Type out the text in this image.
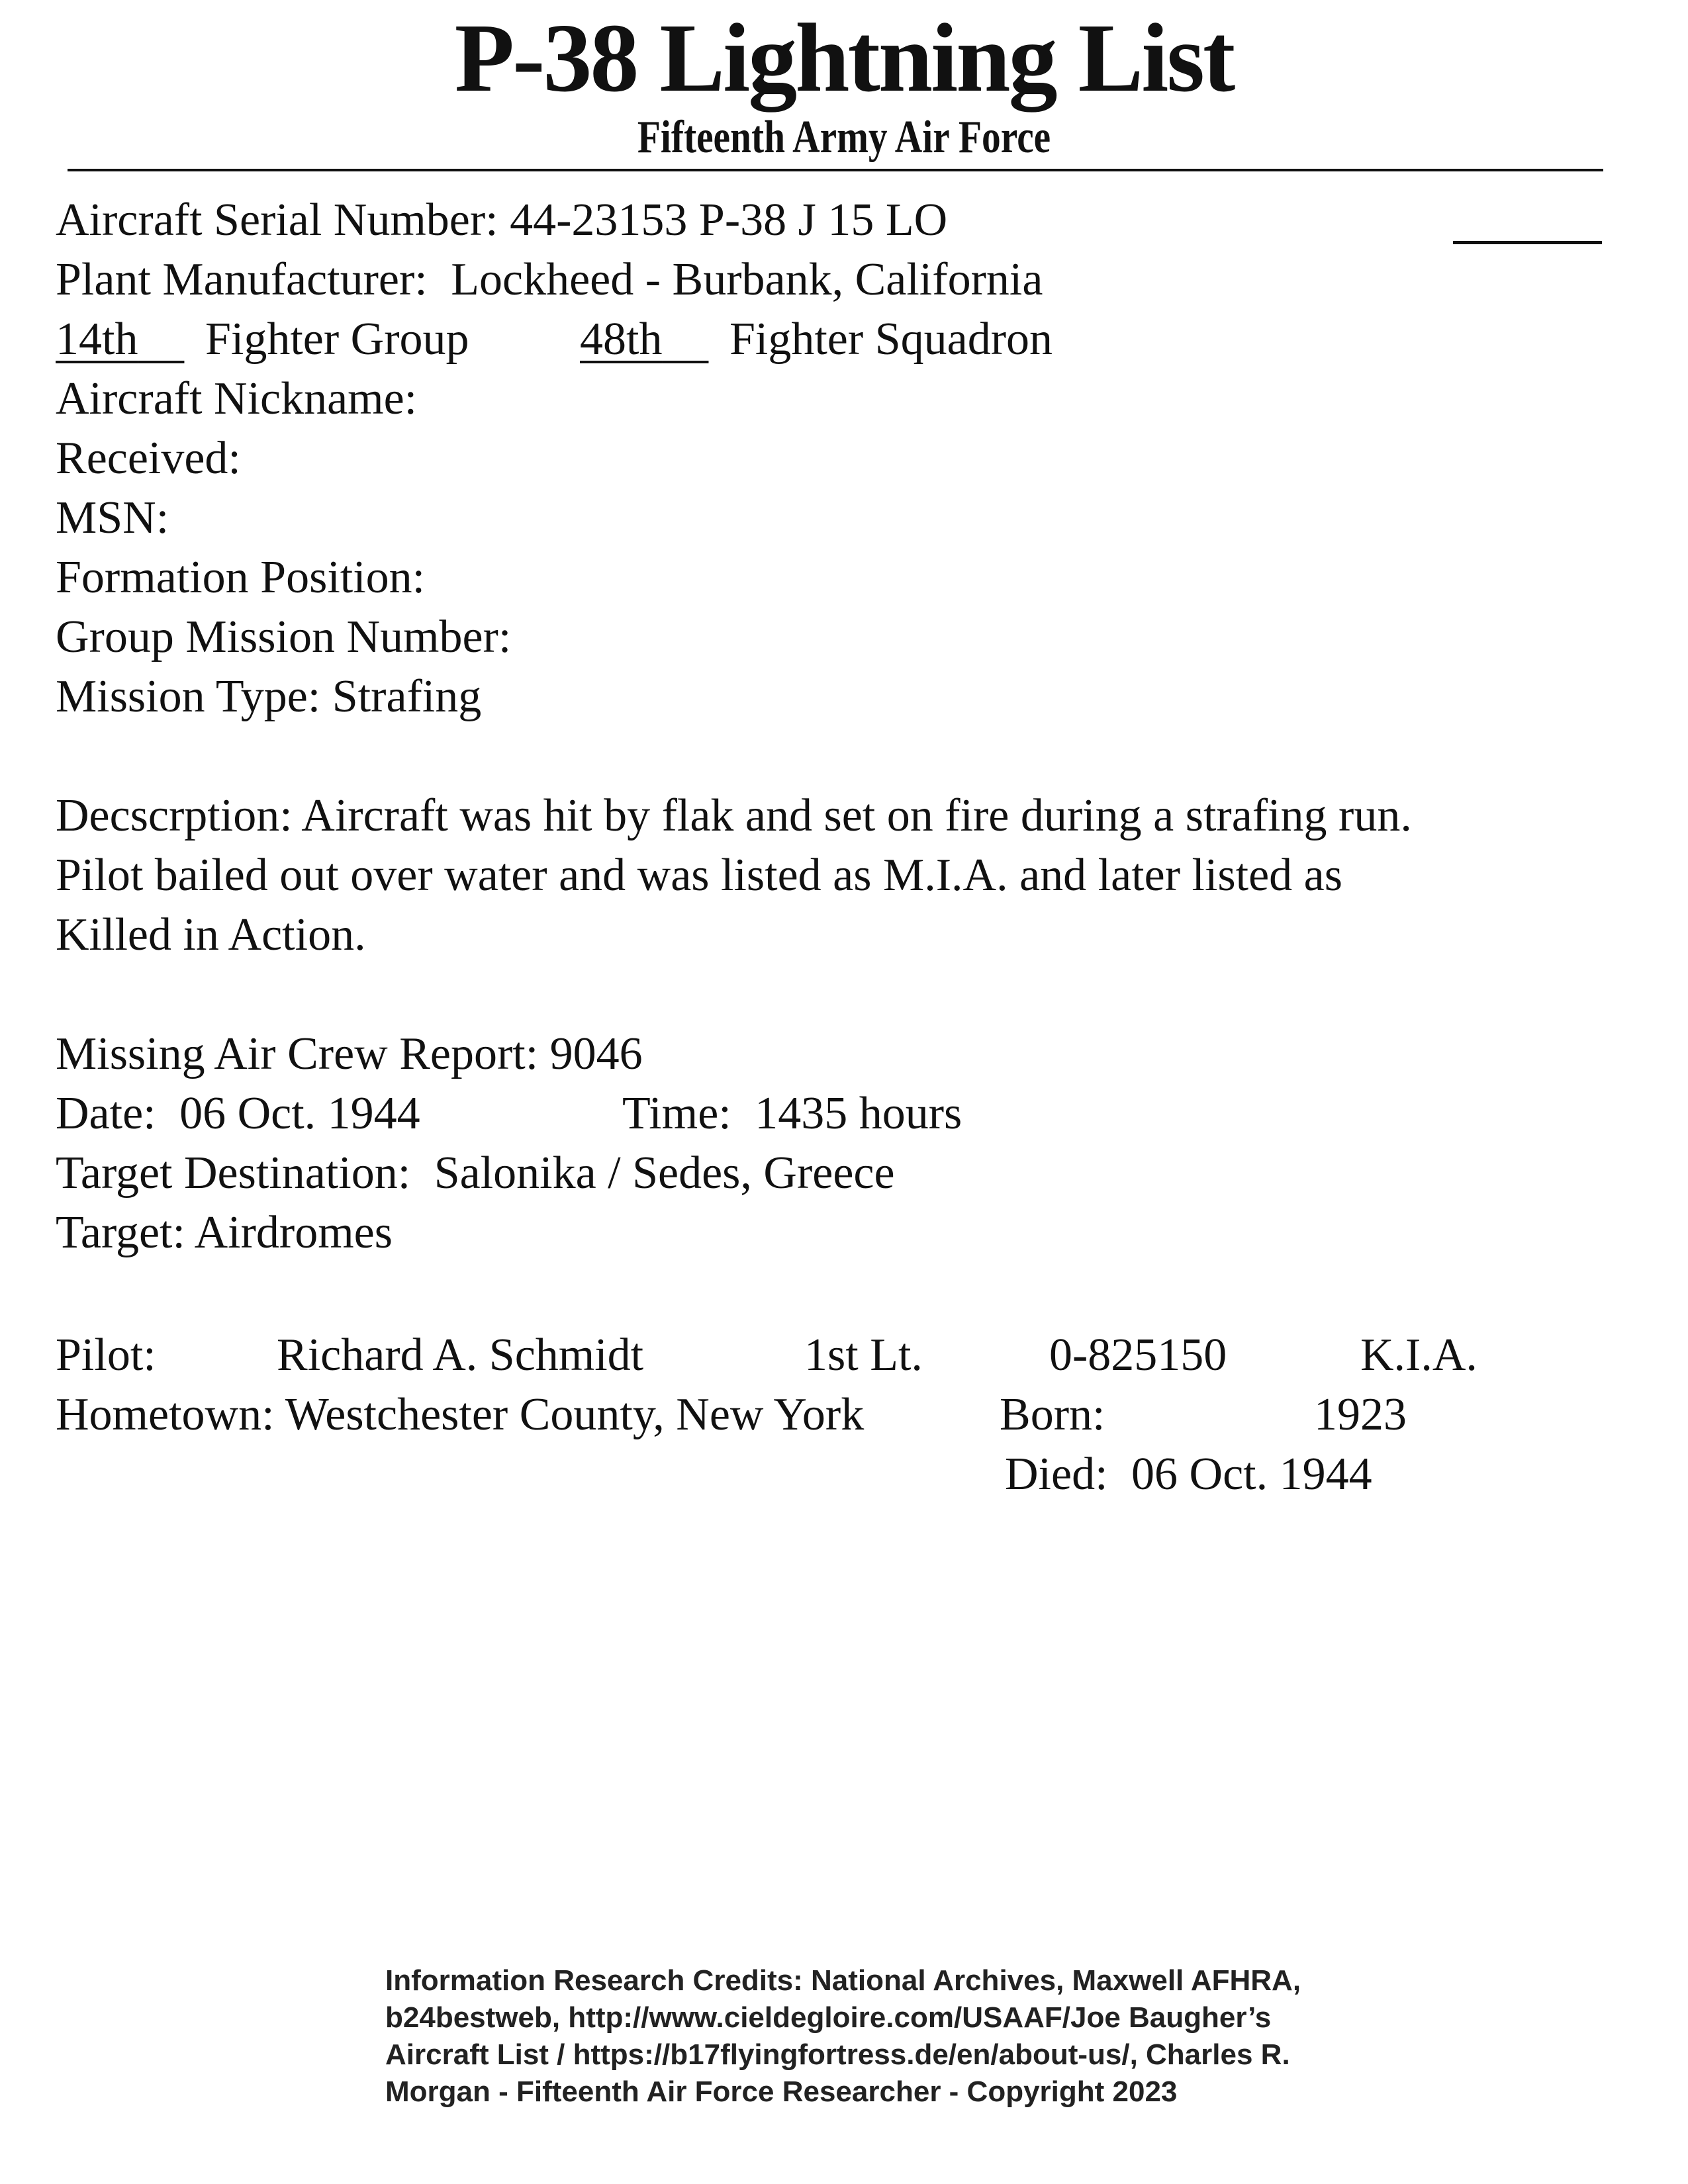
P-38 Lightning List
Fifteenth Army Air Force
Aircraft Serial Number: 44-23153 P-38 J 15 LO
Plant Manufacturer: Lockheed - Burbank, California
14th Fighter Group 48th Fighter Squadron
Aircraft Nickname:
Received:
MSN:
Formation Position:
Group Mission Number:
Mission Type: Strafing
Decscrption: Aircraft was hit by flak and set on fire during a strafing run.
Pilot bailed out over water and was listed as M.I.A. and later listed as
Killed in Action.
Missing Air Crew Report: 9046
Date: 06 Oct. 1944	Time: 1435 hours
Target Destination: Salonika / Sedes, Greece
Target: Airdromes
Pilot:	Richard A. Schmidt	1st Lt.	0-825150	K.I.A.
Hometown: Westchester County, New York	Born:	1923
Died: 06 Oct. 1944
Information Research Credits: National Archives, Maxwell AFHRA,
b24bestweb, http://www.cieldegloire.com/USAAF/Joe Baugher’s
Aircraft List / https://b17flyingfortress.de/en/about-us/, Charles R.
Morgan - Fifteenth Air Force Researcher - Copyright 2023
